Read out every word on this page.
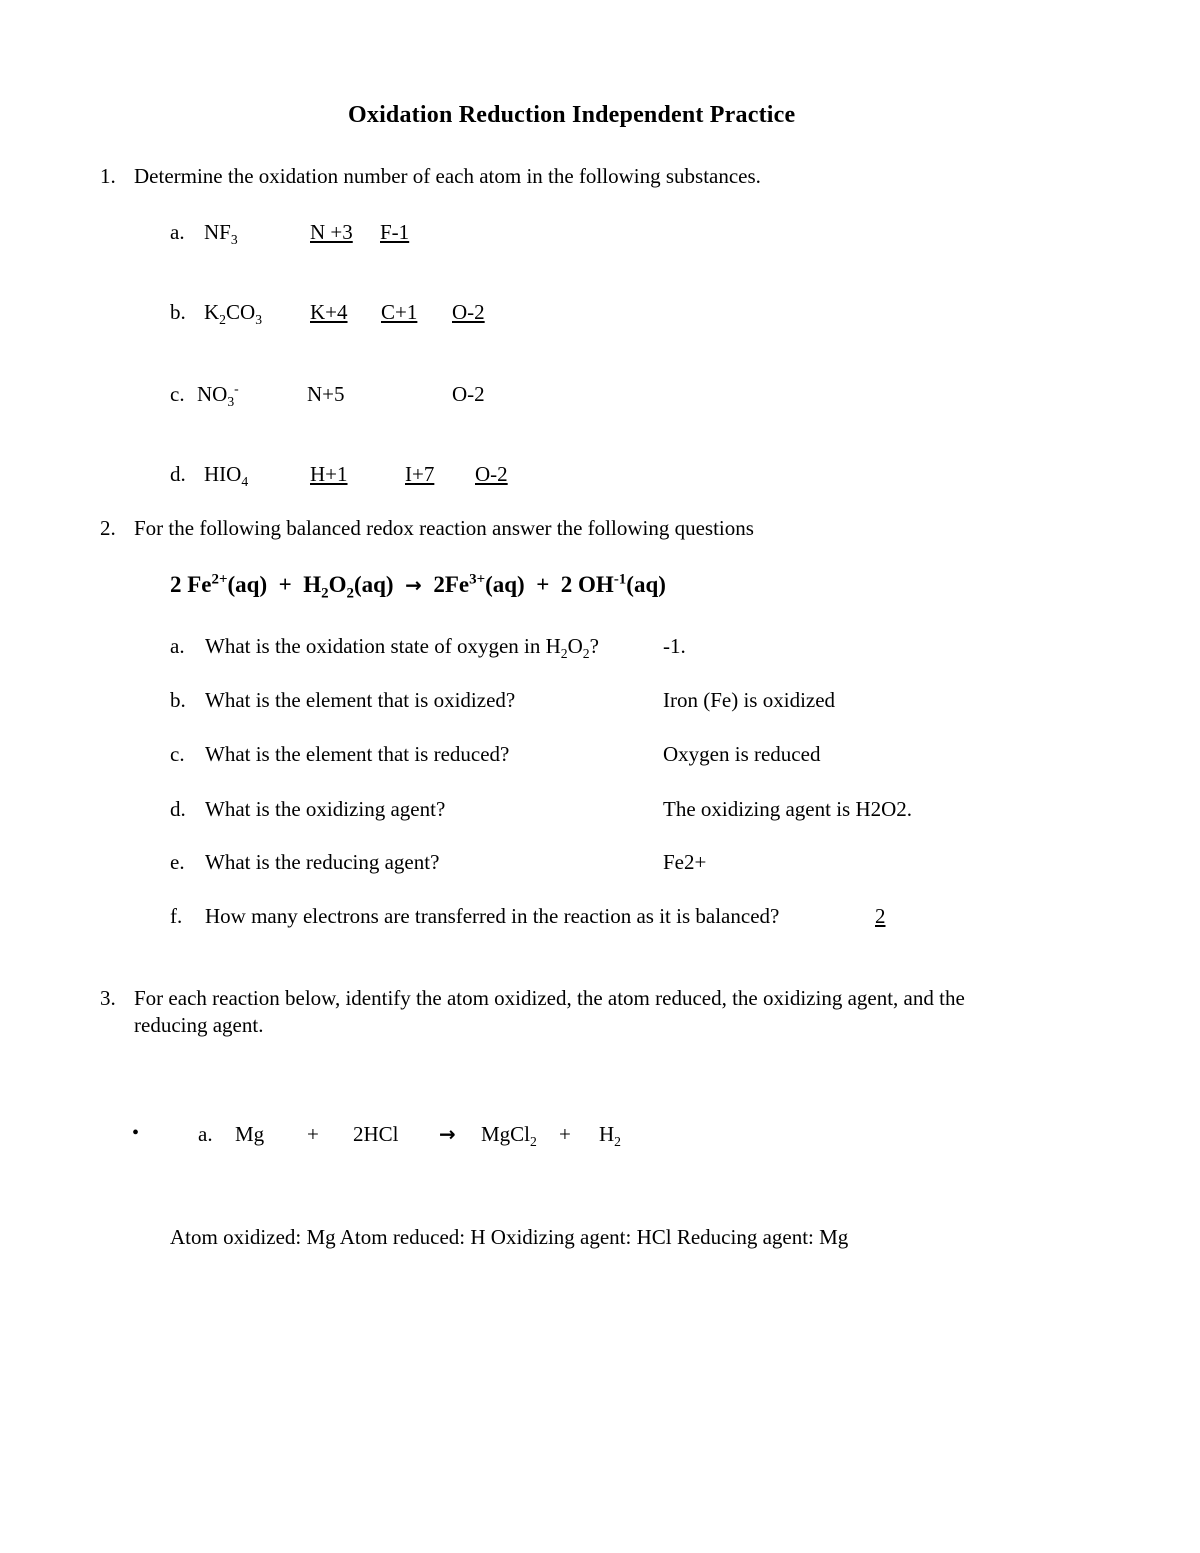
Oxidation Reduction Independent Practice
1. Determine the oxidation number of each atom in the following substances.
a. $NF_3$	N +3 F-1
b. $K_2CO_3$ K+4 C+1 O-2
c. $NO_3^-$	N+5	O-2
d. $HIO_4$	H+1	I+7	O-2
2. For the following balanced redox reaction answer the following questions
2 $Fe^{2+}(aq) + H_2O_2(aq) \to 2Fe^{3+}(aq) + 2$ $OH^{-1}(aq)$
a. What is the oxidation state of oxygen in $H_2O_2$?	-1.
b. What is the element that is oxidized?	Iron (Fe) is oxidized
c. What is the element that is reduced?	Oxygen is reduced
d. What is the oxidizing agent?	The oxidizing agent is H2O2.
e. What is the reducing agent?	Fe2+
f. How many electrons are transferred in the reaction as it is balanced?	2
3. For each reaction below, identify the atom oxidized, the atom reduced, the oxidizing agent, and the
reducing agent.
•	a. Mg + 2HCl → MgCl$_2$ + $H_2$
Atom oxidized: Mg Atom reduced: H Oxidizing agent: HCl Reducing agent: Mg
